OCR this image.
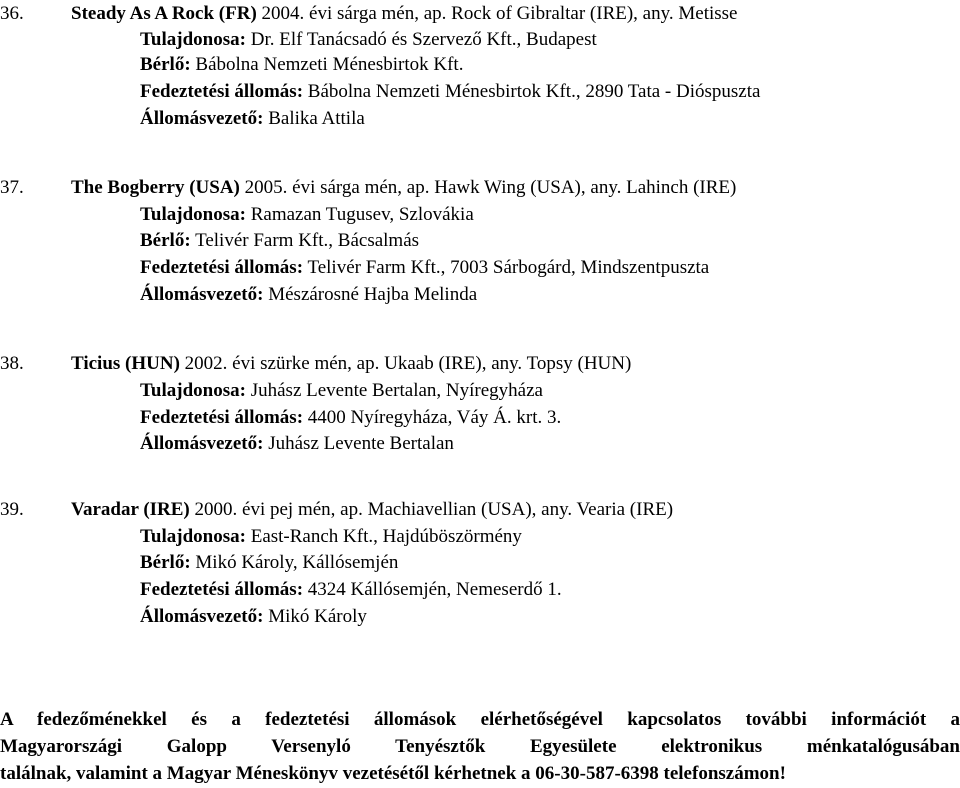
36. Steady As A Rock (FR) 2004. évi sárga mén, ap. Rock of Gibraltar (IRE), any. Metisse
Tulajdonosa: Dr. Elf Tanácsadó és Szervező Kft., Budapest
Bérlő: Bábolna Nemzeti Ménesbirtok Kft.
Fedeztetési állomás: Bábolna Nemzeti Ménesbirtok Kft., 2890 Tata - Dióspuszta
Állomásvezető: Balika Attila
37. The Bogberry (USA) 2005. évi sárga mén, ap. Hawk Wing (USA), any. Lahinch (IRE)
Tulajdonosa: Ramazan Tugusev, Szlovákia
Bérlő: Telivér Farm Kft., Bácsalmás
Fedeztetési állomás: Telivér Farm Kft., 7003 Sárbogárd, Mindszentpuszta
Állomásvezető: Mészárosné Hajba Melinda
38. Ticius (HUN) 2002. évi szürke mén, ap. Ukaab (IRE), any. Topsy (HUN)
Tulajdonosa: Juhász Levente Bertalan, Nyíregyháza
Fedeztetési állomás: 4400 Nyíregyháza, Váy Á. krt. 3.
Állomásvezető: Juhász Levente Bertalan
39. Varadar (IRE) 2000. évi pej mén, ap. Machiavellian (USA), any. Vearia (IRE)
Tulajdonosa: East-Ranch Kft., Hajdúböszörmény
Bérlő: Mikó Károly, Kállósemjén
Fedeztetési állomás: 4324 Kállósemjén, Nemeserdő 1.
Állomásvezető: Mikó Károly
A fedezőménekkel és a fedeztetési állomások elérhetőségével kapcsolatos további információt a
Magyarországi Galopp Versenyló Tenyésztők Egyesülete elektronikus ménkatalógusában
találnak, valamint a Magyar Méneskönyv vezetésétől kérhetnek a 06-30-587-6398 telefonszámon!
